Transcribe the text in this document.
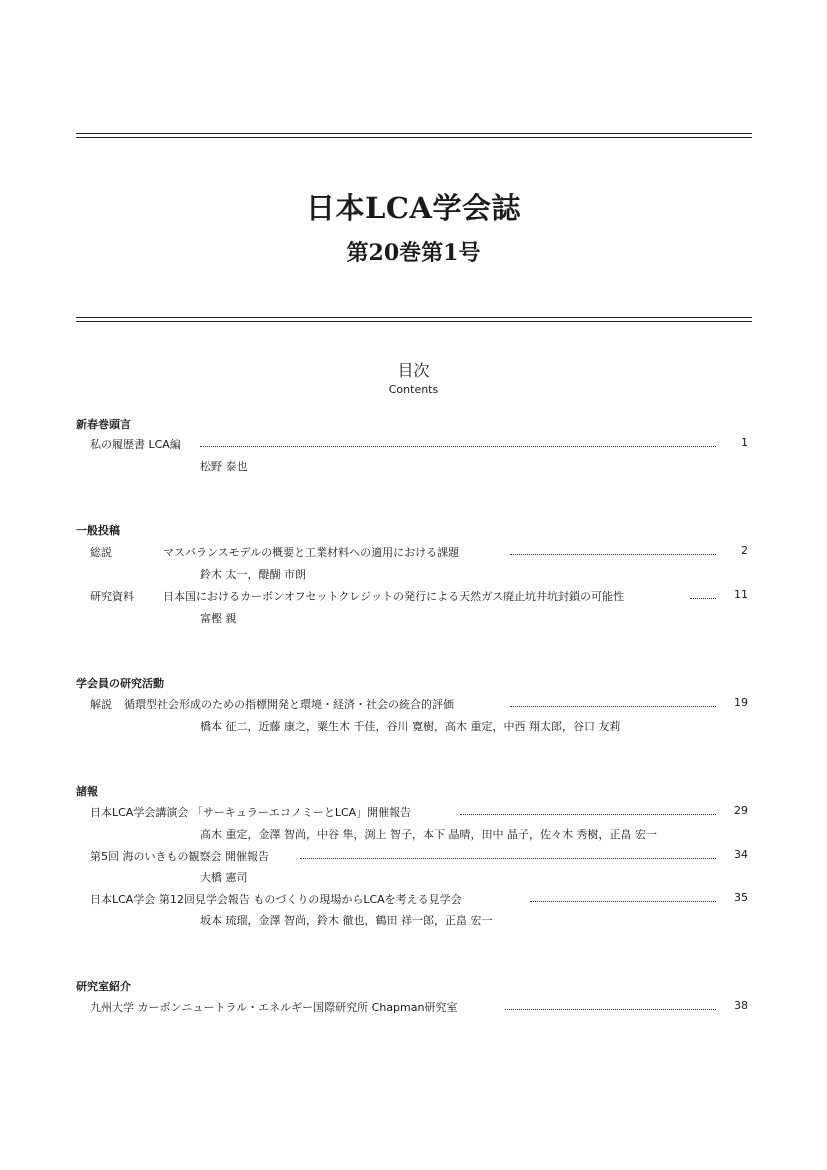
日本LCA学会誌
第20巻第1号
目次
Contents
新春巻頭言
私の履歴書 LCA編	1
松野 泰也
一般投稿
総説	マスバランスモデルの概要と工業材料への適用における課題	2
鈴木 太一，醍醐 市朗
研究資料	日本国におけるカーボンオフセットクレジットの発行による天然ガス廃止坑井坑封鎖の可能性	11
富樫 親
学会員の研究活動
解説 循環型社会形成のための指標開発と環境・経済・社会の統合的評価	19
橋本 征二，近藤 康之，粟生木 千佳，谷川 寛樹，高木 重定，中西 翔太郎，谷口 友莉
諸報
日本LCA学会講演会 「サーキュラーエコノミーとLCA」開催報告	29
高木 重定，金澤 智尚，中谷 隼，渕上 智子，本下 晶晴，田中 晶子，佐々木 秀樹，正畠 宏一
第5回 海のいきもの観察会 開催報告	34
大橋 憲司
日本LCA学会 第12回見学会報告 ものづくりの現場からLCAを考える見学会	35
坂本 琉瑠，金澤 智尚，鈴木 徹也，鶴田 祥一郎，正畠 宏一
研究室紹介
九州大学 カーボンニュートラル・エネルギー国際研究所 Chapman研究室	38
